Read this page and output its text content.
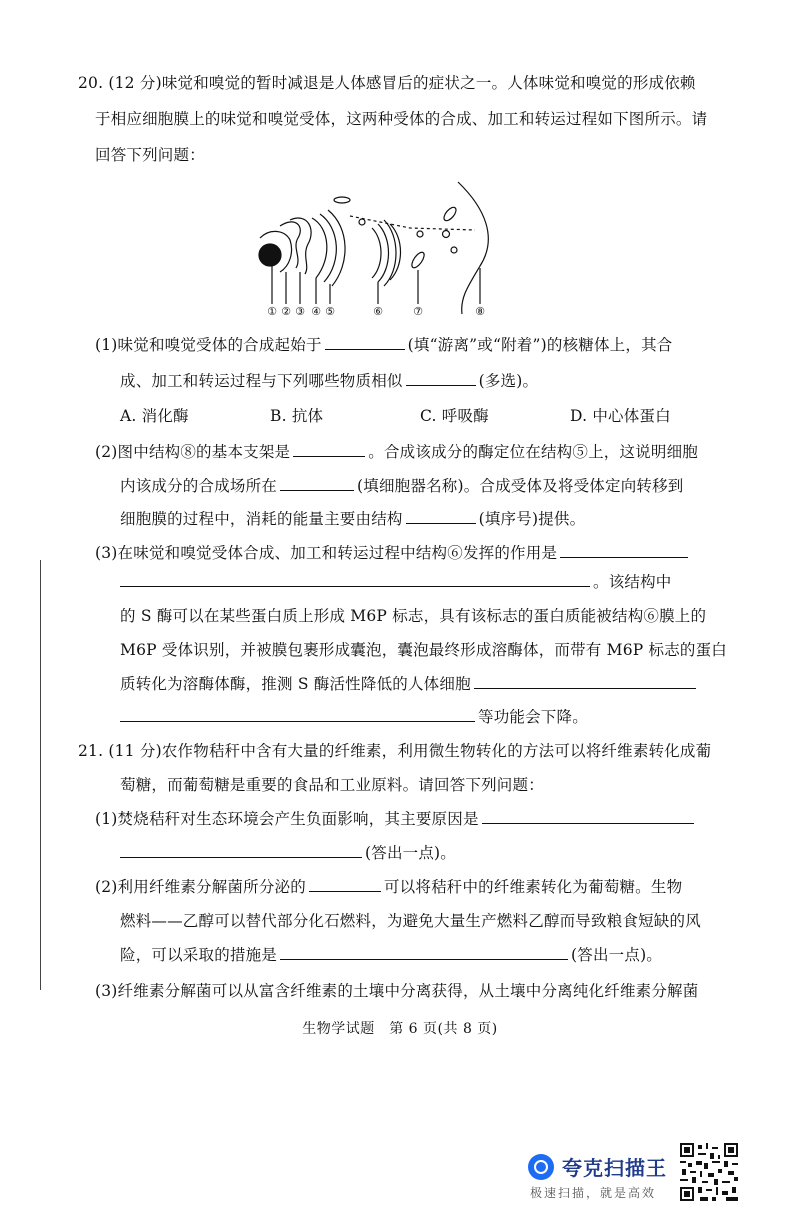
20. (12 分)味觉和嗅觉的暂时减退是人体感冒后的症状之一。人体味觉和嗅觉的形成依赖
于相应细胞膜上的味觉和嗅觉受体，这两种受体的合成、加工和转运过程如下图所示。请
回答下列问题：
① ② ③ ④ ⑤	⑥	⑦	⑧
(1)味觉和嗅觉受体的合成起始于	(填“游离”或“附着”)的核糖体上，其合
成、加工和转运过程与下列哪些物质相似	(多选)。
A. 消化酶	B. 抗体	C. 呼吸酶	D. 中心体蛋白
(2)图中结构⑧的基本支架是	。合成该成分的酶定位在结构⑤上，这说明细胞
内该成分的合成场所在	(填细胞器名称)。合成受体及将受体定向转移到
细胞膜的过程中，消耗的能量主要由结构	(填序号)提供。
(3)在味觉和嗅觉受体合成、加工和转运过程中结构⑥发挥的作用是
。该结构中
的 S 酶可以在某些蛋白质上形成 M6P 标志，具有该标志的蛋白质能被结构⑥膜上的
M6P 受体识别，并被膜包裹形成囊泡，囊泡最终形成溶酶体，而带有 M6P 标志的蛋白
质转化为溶酶体酶，推测 S 酶活性降低的人体细胞
等功能会下降。
21. (11 分)农作物秸秆中含有大量的纤维素，利用微生物转化的方法可以将纤维素转化成葡
萄糖，而葡萄糖是重要的食品和工业原料。请回答下列问题：
(1)焚烧秸秆对生态环境会产生负面影响，其主要原因是
(答出一点)。
(2)利用纤维素分解菌所分泌的	可以将秸秆中的纤维素转化为葡萄糖。生物
燃料——乙醇可以替代部分化石燃料，为避免大量生产燃料乙醇而导致粮食短缺的风
险，可以采取的措施是	(答出一点)。
(3)纤维素分解菌可以从富含纤维素的土壤中分离获得，从土壤中分离纯化纤维素分解菌
生物学试题　第 6 页(共 8 页)
夸克扫描王
极速扫描，就是高效
